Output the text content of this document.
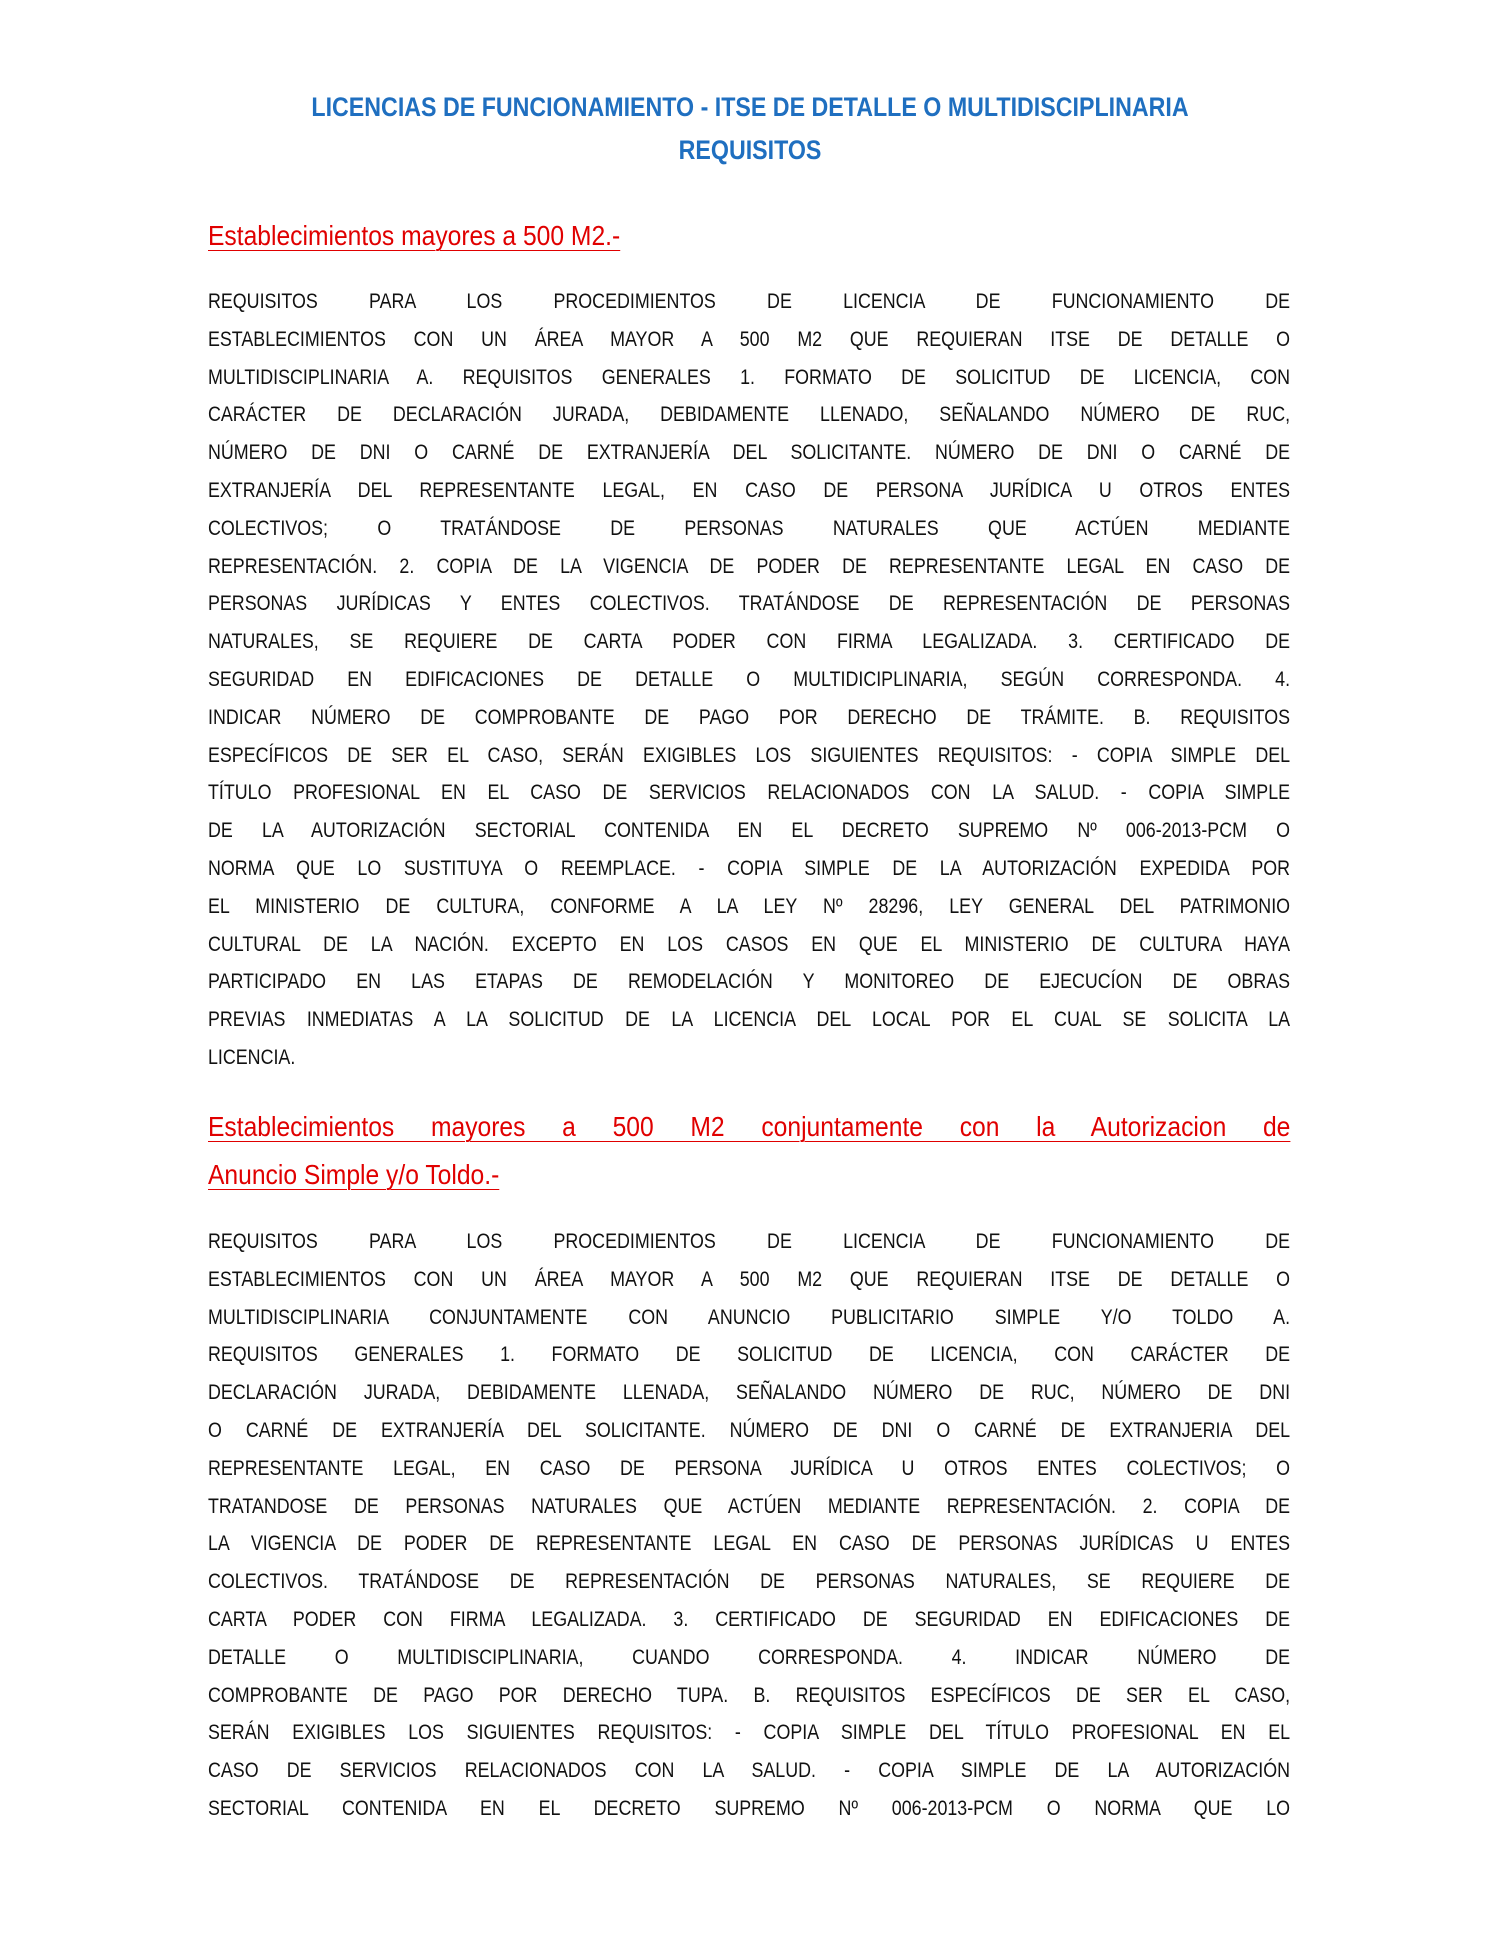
LICENCIAS DE FUNCIONAMIENTO - ITSE DE DETALLE O MULTIDISCIPLINARIA
REQUISITOS
Establecimientos mayores a 500 M2.-
REQUISITOS PARA LOS PROCEDIMIENTOS DE LICENCIA DE FUNCIONAMIENTO DE
ESTABLECIMIENTOS CON UN ÁREA MAYOR A 500 M2 QUE REQUIERAN ITSE DE DETALLE O
MULTIDISCIPLINARIA A. REQUISITOS GENERALES 1. FORMATO DE SOLICITUD DE LICENCIA, CON
CARÁCTER DE DECLARACIÓN JURADA, DEBIDAMENTE LLENADO, SEÑALANDO NÚMERO DE RUC,
NÚMERO DE DNI O CARNÉ DE EXTRANJERÍA DEL SOLICITANTE. NÚMERO DE DNI O CARNÉ DE
EXTRANJERÍA DEL REPRESENTANTE LEGAL, EN CASO DE PERSONA JURÍDICA U OTROS ENTES
COLECTIVOS; O TRATÁNDOSE DE PERSONAS NATURALES QUE ACTÚEN MEDIANTE
REPRESENTACIÓN. 2. COPIA DE LA VIGENCIA DE PODER DE REPRESENTANTE LEGAL EN CASO DE
PERSONAS JURÍDICAS Y ENTES COLECTIVOS. TRATÁNDOSE DE REPRESENTACIÓN DE PERSONAS
NATURALES, SE REQUIERE DE CARTA PODER CON FIRMA LEGALIZADA. 3. CERTIFICADO DE
SEGURIDAD EN EDIFICACIONES DE DETALLE O MULTIDICIPLINARIA, SEGÚN CORRESPONDA. 4.
INDICAR NÚMERO DE COMPROBANTE DE PAGO POR DERECHO DE TRÁMITE. B. REQUISITOS
ESPECÍFICOS DE SER EL CASO, SERÁN EXIGIBLES LOS SIGUIENTES REQUISITOS: - COPIA SIMPLE DEL
TÍTULO PROFESIONAL EN EL CASO DE SERVICIOS RELACIONADOS CON LA SALUD. - COPIA SIMPLE
DE LA AUTORIZACIÓN SECTORIAL CONTENIDA EN EL DECRETO SUPREMO Nº 006-2013-PCM O
NORMA QUE LO SUSTITUYA O REEMPLACE. - COPIA SIMPLE DE LA AUTORIZACIÓN EXPEDIDA POR
EL MINISTERIO DE CULTURA, CONFORME A LA LEY Nº 28296, LEY GENERAL DEL PATRIMONIO
CULTURAL DE LA NACIÓN. EXCEPTO EN LOS CASOS EN QUE EL MINISTERIO DE CULTURA HAYA
PARTICIPADO EN LAS ETAPAS DE REMODELACIÓN Y MONITOREO DE EJECUCÍON DE OBRAS
PREVIAS INMEDIATAS A LA SOLICITUD DE LA LICENCIA DEL LOCAL POR EL CUAL SE SOLICITA LA
LICENCIA.
Establecimientos mayores a 500 M2 conjuntamente con la Autorizacion de
Anuncio Simple y/o Toldo.-
REQUISITOS PARA LOS PROCEDIMIENTOS DE LICENCIA DE FUNCIONAMIENTO DE
ESTABLECIMIENTOS CON UN ÁREA MAYOR A 500 M2 QUE REQUIERAN ITSE DE DETALLE O
MULTIDISCIPLINARIA CONJUNTAMENTE CON ANUNCIO PUBLICITARIO SIMPLE Y/O TOLDO A.
REQUISITOS GENERALES 1. FORMATO DE SOLICITUD DE LICENCIA, CON CARÁCTER DE
DECLARACIÓN JURADA, DEBIDAMENTE LLENADA, SEÑALANDO NÚMERO DE RUC, NÚMERO DE DNI
O CARNÉ DE EXTRANJERÍA DEL SOLICITANTE. NÚMERO DE DNI O CARNÉ DE EXTRANJERIA DEL
REPRESENTANTE LEGAL, EN CASO DE PERSONA JURÍDICA U OTROS ENTES COLECTIVOS; O
TRATANDOSE DE PERSONAS NATURALES QUE ACTÚEN MEDIANTE REPRESENTACIÓN. 2. COPIA DE
LA VIGENCIA DE PODER DE REPRESENTANTE LEGAL EN CASO DE PERSONAS JURÍDICAS U ENTES
COLECTIVOS. TRATÁNDOSE DE REPRESENTACIÓN DE PERSONAS NATURALES, SE REQUIERE DE
CARTA PODER CON FIRMA LEGALIZADA. 3. CERTIFICADO DE SEGURIDAD EN EDIFICACIONES DE
DETALLE O MULTIDISCIPLINARIA, CUANDO CORRESPONDA. 4. INDICAR NÚMERO DE
COMPROBANTE DE PAGO POR DERECHO TUPA. B. REQUISITOS ESPECÍFICOS DE SER EL CASO,
SERÁN EXIGIBLES LOS SIGUIENTES REQUISITOS: - COPIA SIMPLE DEL TÍTULO PROFESIONAL EN EL
CASO DE SERVICIOS RELACIONADOS CON LA SALUD. - COPIA SIMPLE DE LA AUTORIZACIÓN
SECTORIAL CONTENIDA EN EL DECRETO SUPREMO Nº 006-2013-PCM O NORMA QUE LO
